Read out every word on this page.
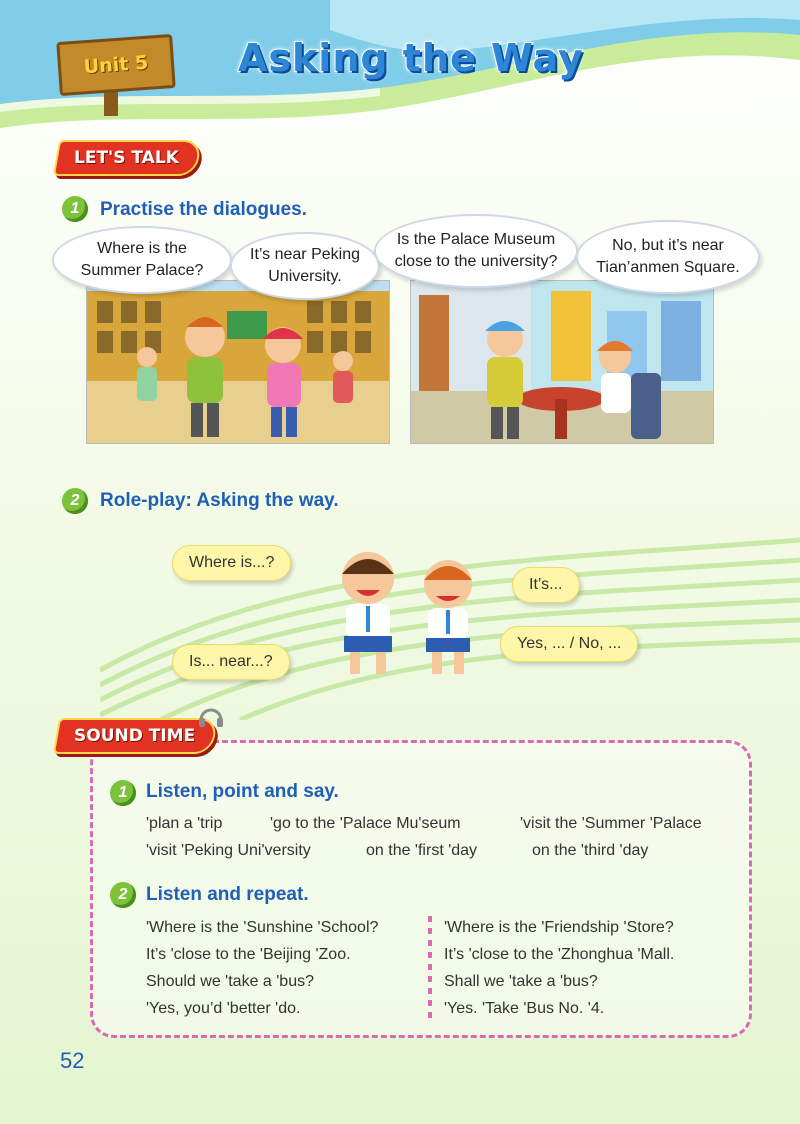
Unit 5 Asking the Way
LET'S TALK
1	Practise the dialogues.
Where is the Summer Palace?
It’s near Peking University.
Is the Palace Museum close to the university?
No, but it’s near Tian’anmen Square.
2	Role-play: Asking the way.
Where is...?
It’s...
Is... near...?
Yes, ... / No, ...
SOUND TIME
1 Listen, point and say.
'plan a 'trip	'go to the 'Palace Mu'seum	'visit the 'Summer 'Palace
'visit 'Peking Uni'versity	on the 'first 'day	on the 'third 'day
2 Listen and repeat.
'Where is the 'Sunshine 'School?
It’s 'close to the 'Beijing 'Zoo.
Should we 'take a 'bus?
'Yes, you’d 'better 'do.
'Where is the 'Friendship 'Store?
It’s 'close to the 'Zhonghua 'Mall.
Shall we 'take a 'bus?
'Yes. 'Take 'Bus No. '4.
52
